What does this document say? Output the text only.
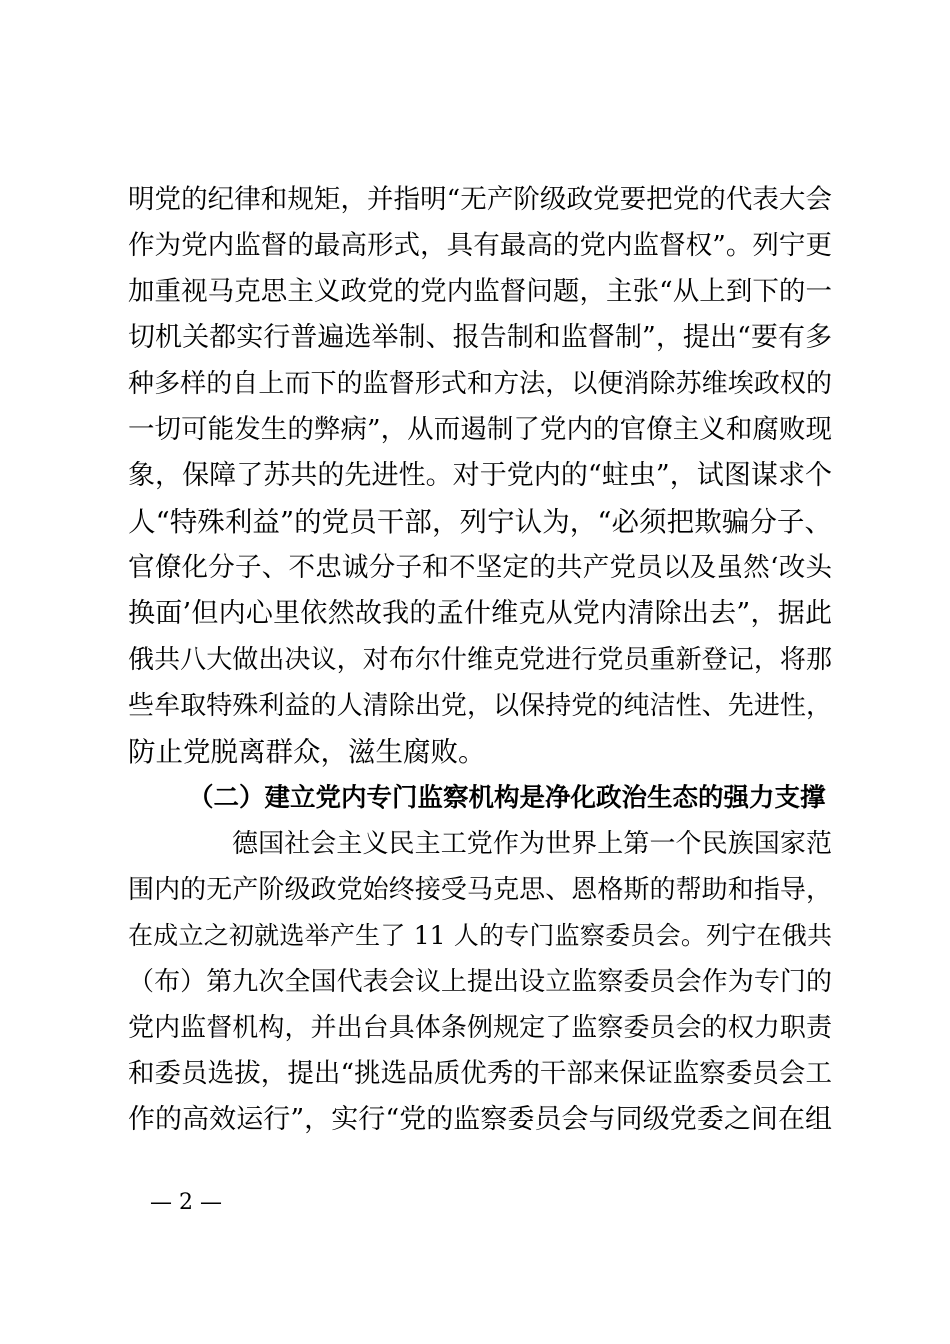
明党的纪律和规矩，并指明“无产阶级政党要把党的代表大会
作为党内监督的最高形式，具有最高的党内监督权”。列宁更
加重视马克思主义政党的党内监督问题，主张“从上到下的一
切机关都实行普遍选举制、报告制和监督制”，提出“要有多
种多样的自上而下的监督形式和方法，以便消除苏维埃政权的
一切可能发生的弊病”，从而遏制了党内的官僚主义和腐败现
象，保障了苏共的先进性。对于党内的“蛀虫”，试图谋求个
人“特殊利益”的党员干部，列宁认为，“必须把欺骗分子、
官僚化分子、不忠诚分子和不坚定的共产党员以及虽然‘改头
换面’但内心里依然故我的孟什维克从党内清除出去”，据此
俄共八大做出决议，对布尔什维克党进行党员重新登记，将那
些牟取特殊利益的人清除出党，以保持党的纯洁性、先进性，
防止党脱离群众，滋生腐败。
（二）建立党内专门监察机构是净化政治生态的强力支撑
德国社会主义民主工党作为世界上第一个民族国家范
围内的无产阶级政党始终接受马克思、恩格斯的帮助和指导，
在成立之初就选举产生了 11 人的专门监察委员会。列宁在俄共
（布）第九次全国代表会议上提出设立监察委员会作为专门的
党内监督机构，并出台具体条例规定了监察委员会的权力职责
和委员选拔，提出“挑选品质优秀的干部来保证监察委员会工
作的高效运行”，实行“党的监察委员会与同级党委之间在组
— 2 —
